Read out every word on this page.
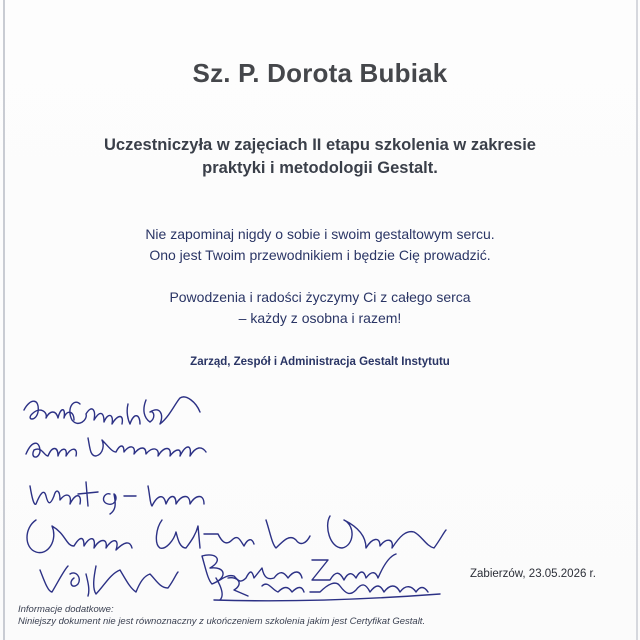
Sz. P. Dorota Bubiak
Uczestniczyła w zajęciach II etapu szkolenia w zakresie
praktyki i metodologii Gestalt.
Nie zapominaj nigdy o sobie i swoim gestaltowym sercu.
Ono jest Twoim przewodnikiem i będzie Cię prowadzić.
Powodzenia i radości życzymy Ci z całego serca
– każdy z osobna i razem!
Zarząd, Zespół i Administracja Gestalt Instytutu
Zabierzów, 23.05.2026 r.
Informacje dodatkowe:
Niniejszy dokument nie jest równoznaczny z ukończeniem szkolenia jakim jest Certyfikat Gestalt.
